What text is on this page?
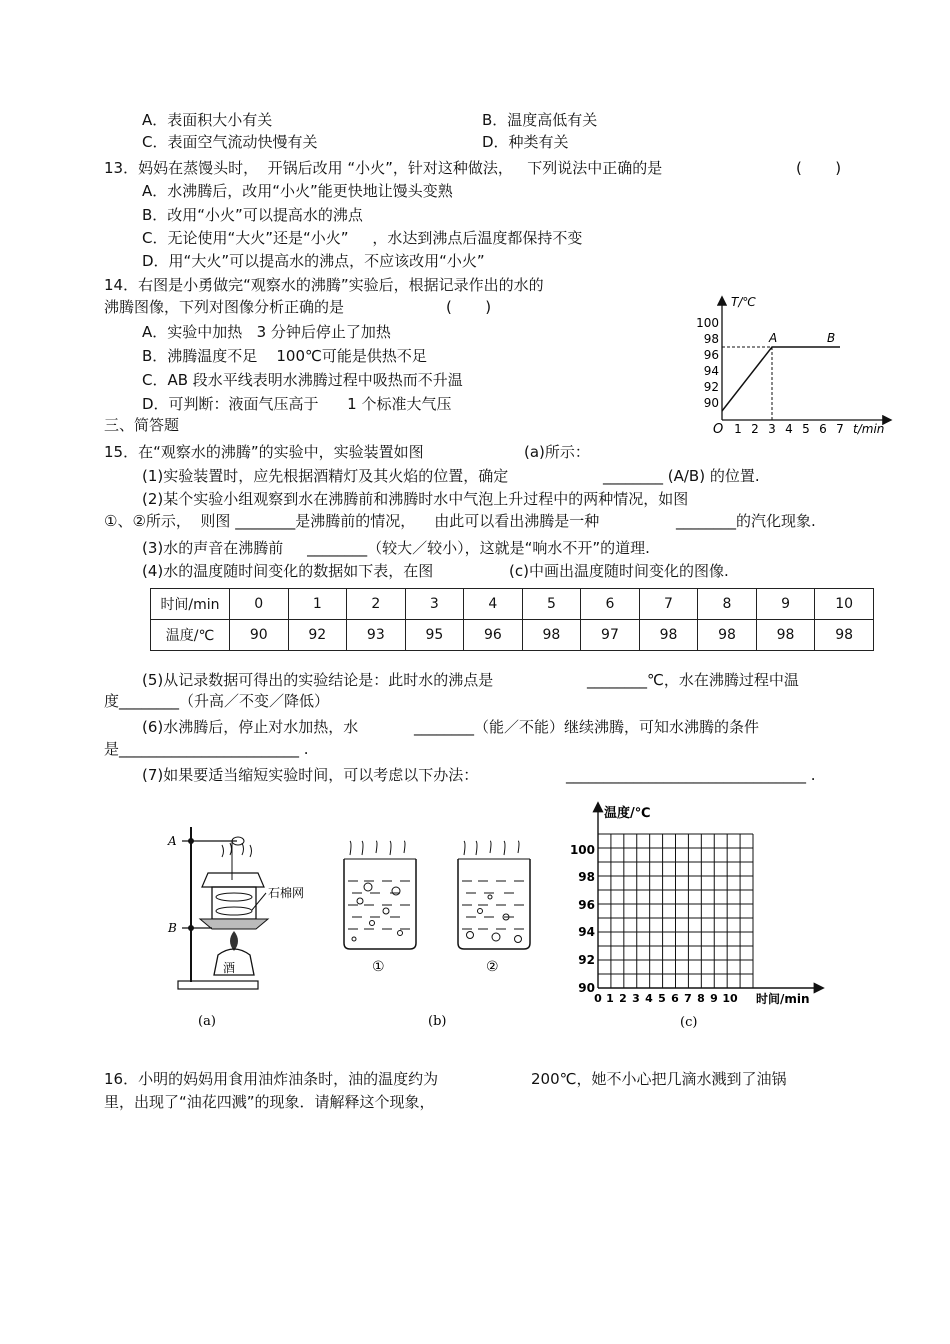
A．表面积大小有关	B．温度高低有关
C．表面空气流动快慢有关	D．种类有关
13．妈妈在蒸馒头时，  开锅后改用 “小火”，针对这种做法，   下列说法中正确的是	(       )
A．水沸腾后，改用“小火”能更快地让馒头变熟
B．改用“小火”可以提高水的沸点
C．无论使用“大火”还是“小火”     ，水达到沸点后温度都保持不变
D．用“大火”可以提高水的沸点，不应该改用“小火”
14．右图是小勇做完“观察水的沸腾”实验后，根据记录作出的水的
沸腾图像，下列对图像分析正确的是	(       )
A．实验中加热   3 分钟后停止了加热
B．沸腾温度不足    100℃可能是供热不足
C．AB 段水平线表明水沸腾过程中吸热而不升温
D．可判断：液面气压高于      1 个标准大气压
T/℃
t/min
O
100
98
96
94
92
90
1 2 3 4 5 6 7
A	B
三、简答题
15．在“观察水的沸腾”的实验中，实验装置如图	(a)所示：
(1)实验装置时，应先根据酒精灯及其火焰的位置，确定	________ (A/B) 的位置.
(2)某个实验小组观察到水在沸腾前和沸腾时水中气泡上升过程中的两种情况，如图
①、②所示，  则图 ________是沸腾前的情况，    由此可以看出沸腾是一种	________的汽化现象.
(3)水的声音在沸腾前     ________（较大／较小），这就是“响水不开”的道理.
(4)水的温度随时间变化的数据如下表，在图	(c)中画出温度随时间变化的图像.
时间/min	0	1	2	3	4	5	6	7	8	9	10
温度/℃	90	92	93	95	96	98	97	98	98	98	98
(5)从记录数据可得出的实验结论是：此时水的沸点是	________℃，水在沸腾过程中温
度________（升高／不变／降低）
(6)水沸腾后，停止对水加热，水	________（能／不能）继续沸腾，可知水沸腾的条件
是________________________ .
(7)如果要适当缩短实验时间，可以考虑以下办法：	________________________________ .
A
B
石棉网
酒
(a)
①	②
(b)
温度/℃
100
98
96
94
92
90
0 1 2 3 4 5 6 7 8 9 10 时间/min
(c)
16．小明的妈妈用食用油炸油条时，油的温度约为	200℃，她不小心把几滴水溅到了油锅
里，出现了“油花四溅”的现象．请解释这个现象，
